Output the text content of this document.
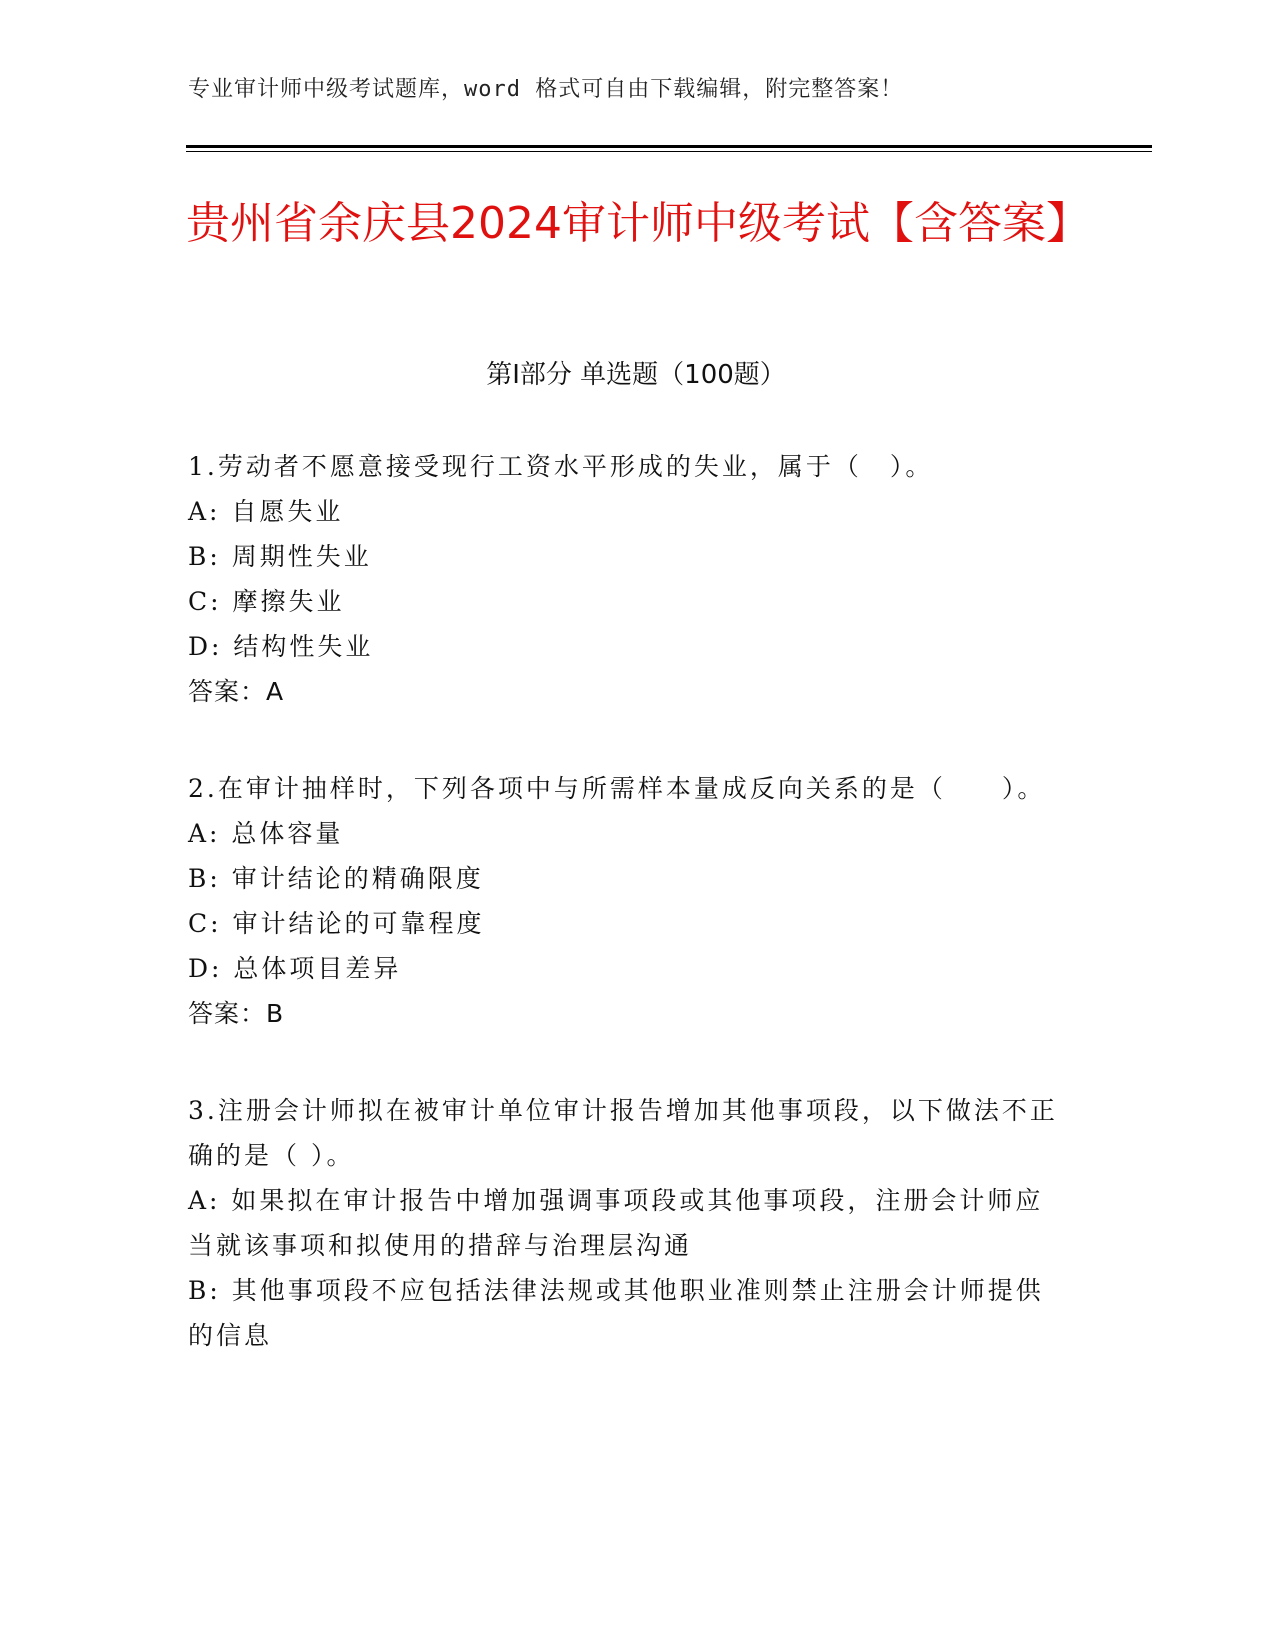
专业审计师中级考试题库，word 格式可自由下载编辑，附完整答案！
贵州省余庆县2024审计师中级考试【含答案】
第I部分 单选题（100题）

1.劳动者不愿意接受现行工资水平形成的失业，属于（　）。

A: 自愿失业

B: 周期性失业

C: 摩擦失业

D: 结构性失业

答案：A

2.在审计抽样时，下列各项中与所需样本量成反向关系的是（　　）。

A: 总体容量

B: 审计结论的精确限度

C: 审计结论的可靠程度

D: 总体项目差异

答案：B

3.注册会计师拟在被审计单位审计报告增加其他事项段，以下做法不正确的是（ ）。

A: 如果拟在审计报告中增加强调事项段或其他事项段，注册会计师应当就该事项和拟使用的措辞与治理层沟通

B: 其他事项段不应包括法律法规或其他职业准则禁止注册会计师提供的信息
